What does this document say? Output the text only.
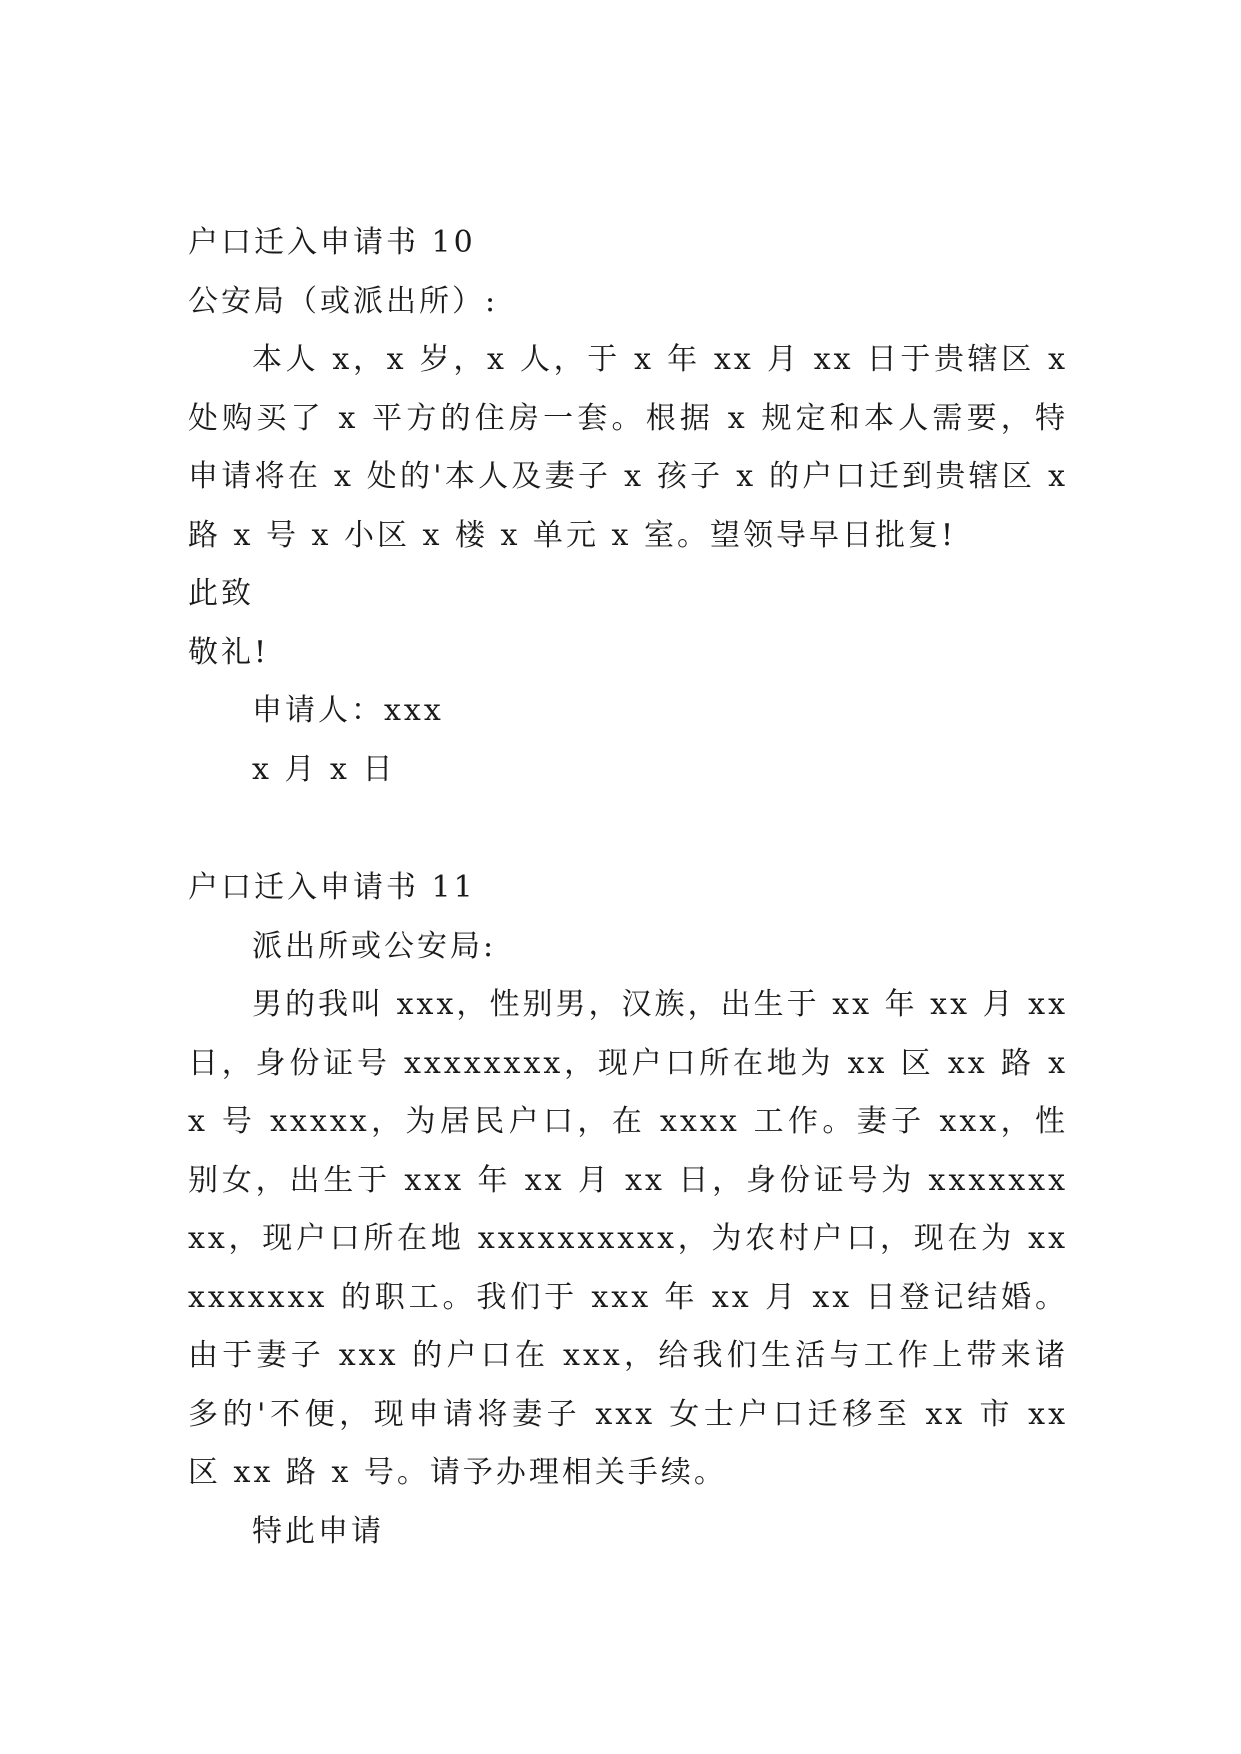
户口迁入申请书 10
公安局（或派出所）:

本人 x，x 岁，x 人，于 x 年 xx 月 xx 日于贵辖区 x 处购买了 x 平方的住房一套。根据 x 规定和本人需要，特申请将在 x 处的'本人及妻子 x 孩子 x 的户口迁到贵辖区 x 路 x 号 x 小区 x 楼 x 单元 x 室。望领导早日批复!

此致
敬礼!
申请人：xxx
x 月 x 日
户口迁入申请书 11
派出所或公安局:

男的我叫 xxx，性别男，汉族，出生于 xx 年 xx 月 xx 日，身份证号 xxxxxxxx，现户口所在地为 xx 区 xx 路 xx 号 xxxxx，为居民户口，在 xxxx 工作。妻子 xxx，性别女，出生于 xxx 年 xx 月 xx 日，身份证号为 xxxxxxxxx，现户口所在地 xxxxxxxxxx，为农村户口，现在为 xxxxxxxxx 的职工。我们于 xxx 年 xx 月 xx 日登记结婚。由于妻子 xxx 的户口在 xxx，给我们生活与工作上带来诸多的'不便，现申请将妻子 xxx 女士户口迁移至 xx 市 xx 区 xx 路 x 号。请予办理相关手续。

特此申请
